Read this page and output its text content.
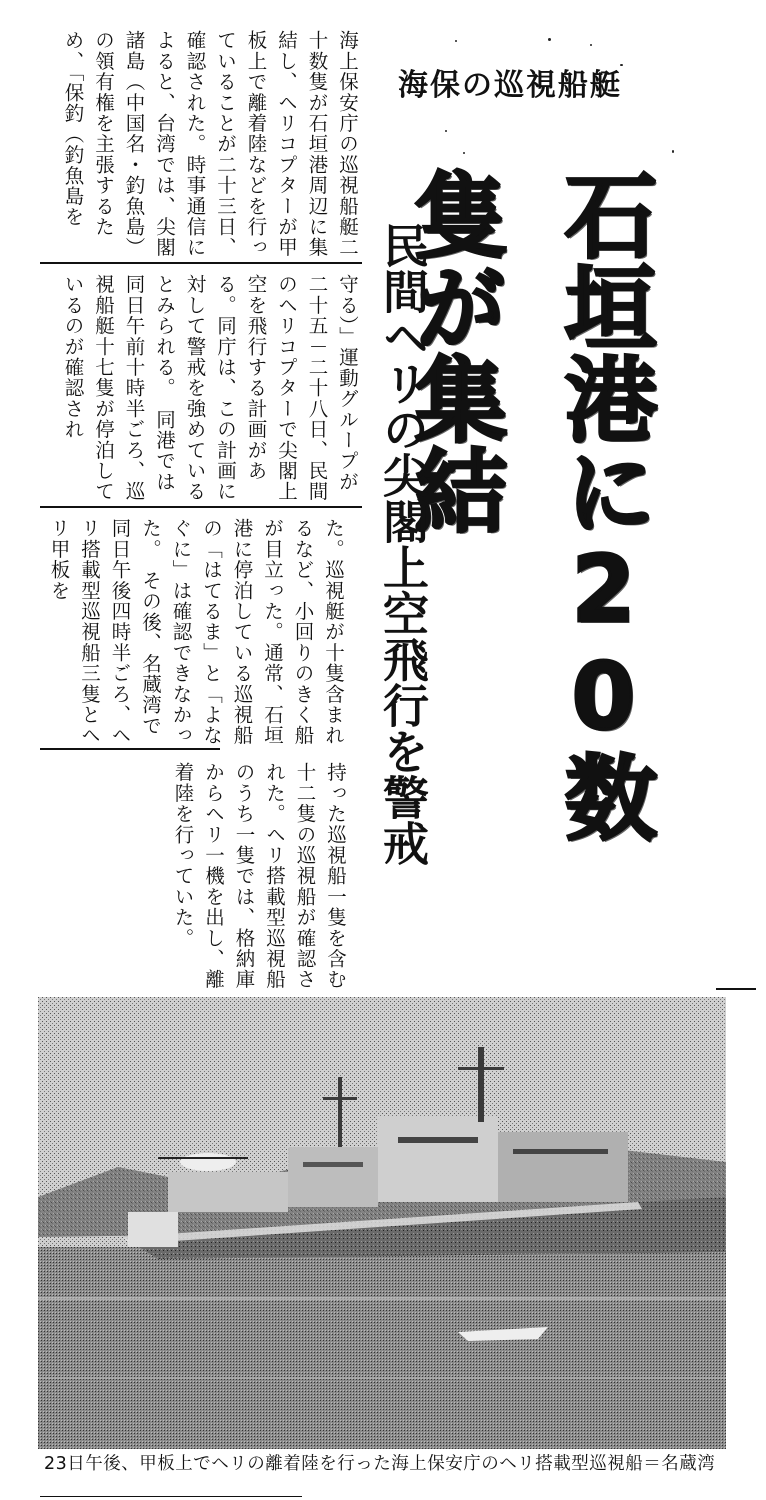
海保の巡視船艇
石垣港に20数隻が集結
民間ヘリの尖閣上空飛行を警戒
海上保安庁の巡視船艇二十数隻が石垣港周辺に集結し、ヘリコプターが甲板上で離着陸などを行っていることが二十三日、確認された。時事通信によると、台湾では、尖閣諸島（中国名・釣魚島）の領有権を主張するため、「保釣（釣魚島を
守る）」運動グループが二十五－二十八日、民間のヘリコプターで尖閣上空を飛行する計画がある。同庁は、この計画に対して警戒を強めているとみられる。　同港では同日午前十時半ごろ、巡視船艇十七隻が停泊しているのが確認され
た。巡視艇が十隻含まれるなど、小回りのきく船が目立った。通常、石垣港に停泊している巡視船の「はてるま」と「よなぐに」は確認できなかった。　その後、名蔵湾で同日午後四時半ごろ、ヘリ搭載型巡視船三隻とヘリ甲板を
持った巡視船一隻を含む十二隻の巡視船が確認された。ヘリ搭載型巡視船のうち一隻では、格納庫からヘリ一機を出し、離着陸を行っていた。
23日午後、甲板上でヘリの離着陸を行った海上保安庁のヘリ搭載型巡視船＝名蔵湾
